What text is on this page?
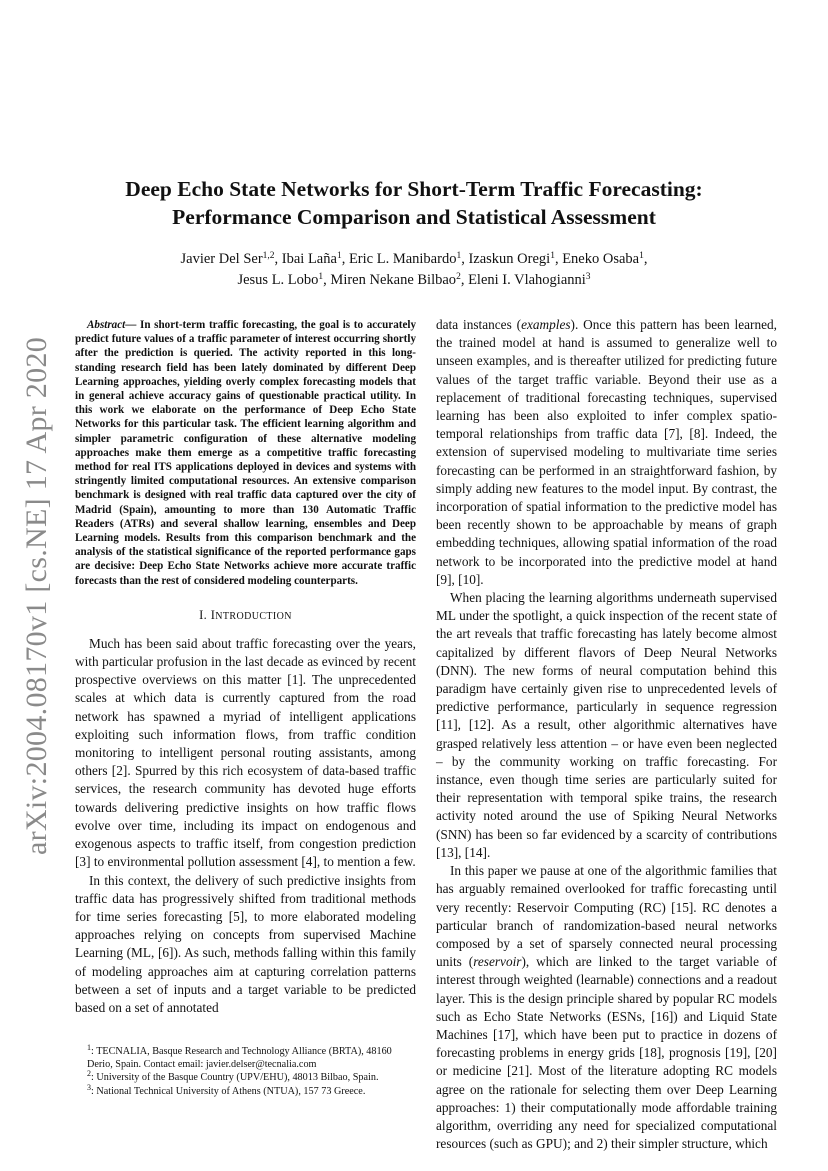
arXiv:2004.08170v1 [cs.NE] 17 Apr 2020
Deep Echo State Networks for Short-Term Traffic Forecasting:
Performance Comparison and Statistical Assessment
Javier Del Ser$^{1,2}$, Ibai Laña$^1$, Eric L. Manibardo$^1$, Izaskun Oregi$^1$, Eneko Osaba$^1$,
Jesus L. Lobo$^1$, Miren Nekane Bilbao$^2$, Eleni I. Vlahogianni$^3$

Abstract— In short-term traffic forecasting, the goal is to accurately predict future values of a traffic parameter of interest occurring shortly after the prediction is queried. The activity reported in this long-standing research field has been lately dominated by different Deep Learning approaches, yielding overly complex forecasting models that in general achieve accuracy gains of questionable practical utility. In this work we elaborate on the performance of Deep Echo State Networks for this particular task. The efficient learning algorithm and simpler parametric configuration of these alternative modeling approaches make them emerge as a competitive traffic forecasting method for real ITS applications deployed in devices and systems with stringently limited computational resources. An extensive comparison benchmark is designed with real traffic data captured over the city of Madrid (Spain), amounting to more than 130 Automatic Traffic Readers (ATRs) and several shallow learning, ensembles and Deep Learning models. Results from this comparison benchmark and the analysis of the statistical significance of the reported performance gaps are decisive: Deep Echo State Networks achieve more accurate traffic forecasts than the rest of considered modeling counterparts.

I. INTRODUCTION

Much has been said about traffic forecasting over the years, with particular profusion in the last decade as evinced by recent prospective overviews on this matter [1]. The unprecedented scales at which data is currently captured from the road network has spawned a myriad of intelligent applications exploiting such information flows, from traffic condition monitoring to intelligent personal routing assistants, among others [2]. Spurred by this rich ecosystem of data-based traffic services, the research community has devoted huge efforts towards delivering predictive insights on how traffic flows evolve over time, including its impact on endogenous and exogenous aspects to traffic itself, from congestion prediction [3] to environmental pollution assessment [4], to mention a few.

In this context, the delivery of such predictive insights from traffic data has progressively shifted from traditional methods for time series forecasting [5], to more elaborated modeling approaches relying on concepts from supervised Machine Learning (ML, [6]). As such, methods falling within this family of modeling approaches aim at capturing correlation patterns between a set of inputs and a target variable to be predicted based on a set of annotated

$^1$: TECNALIA, Basque Research and Technology Alliance (BRTA), 48160 Derio, Spain. Contact email: javier.delser@tecnalia.com

$^2$: University of the Basque Country (UPV/EHU), 48013 Bilbao, Spain.

$^3$: National Technical University of Athens (NTUA), 157 73 Greece.

data instances (examples). Once this pattern has been learned, the trained model at hand is assumed to generalize well to unseen examples, and is thereafter utilized for predicting future values of the target traffic variable. Beyond their use as a replacement of traditional forecasting techniques, supervised learning has been also exploited to infer complex spatio-temporal relationships from traffic data [7], [8]. Indeed, the extension of supervised modeling to multivariate time series forecasting can be performed in an straightforward fashion, by simply adding new features to the model input. By contrast, the incorporation of spatial information to the predictive model has been recently shown to be approachable by means of graph embedding techniques, allowing spatial information of the road network to be incorporated into the predictive model at hand [9], [10].

When placing the learning algorithms underneath supervised ML under the spotlight, a quick inspection of the recent state of the art reveals that traffic forecasting has lately become almost capitalized by different flavors of Deep Neural Networks (DNN). The new forms of neural computation behind this paradigm have certainly given rise to unprecedented levels of predictive performance, particularly in sequence regression [11], [12]. As a result, other algorithmic alternatives have grasped relatively less attention – or have even been neglected – by the community working on traffic forecasting. For instance, even though time series are particularly suited for their representation with temporal spike trains, the research activity noted around the use of Spiking Neural Networks (SNN) has been so far evidenced by a scarcity of contributions [13], [14].

In this paper we pause at one of the algorithmic families that has arguably remained overlooked for traffic forecasting until very recently: Reservoir Computing (RC) [15]. RC denotes a particular branch of randomization-based neural networks composed by a set of sparsely connected neural processing units (reservoir), which are linked to the target variable of interest through weighted (learnable) connections and a readout layer. This is the design principle shared by popular RC models such as Echo State Networks (ESNs, [16]) and Liquid State Machines [17], which have been put to practice in dozens of forecasting problems in energy grids [18], prognosis [19], [20] or medicine [21]. Most of the literature adopting RC models agree on the rationale for selecting them over Deep Learning approaches: 1) their computationally mode affordable training algorithm, overriding any need for specialized computational resources (such as GPU); and 2) their simpler structure, which
